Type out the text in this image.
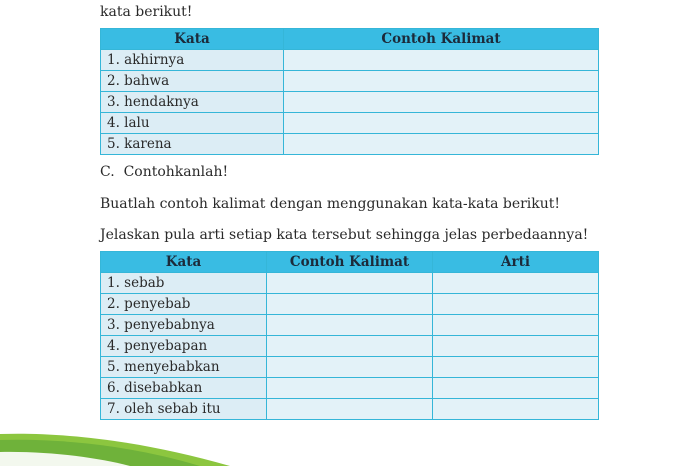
kata berikut!
Kata	Contoh Kalimat
1. akhirnya	
2. bahwa	
3. hendaknya	
4. lalu	
5. karena	
C.  Contohkanlah!
Buatlah contoh kalimat dengan menggunakan kata-kata berikut!
Jelaskan pula arti setiap kata tersebut sehingga jelas perbedaannya!
Kata	Contoh Kalimat	Arti
1. sebab		
2. penyebab		
3. penyebabnya		
4. penyebapan		
5. menyebabkan		
6. disebabkan		
7. oleh sebab itu		
